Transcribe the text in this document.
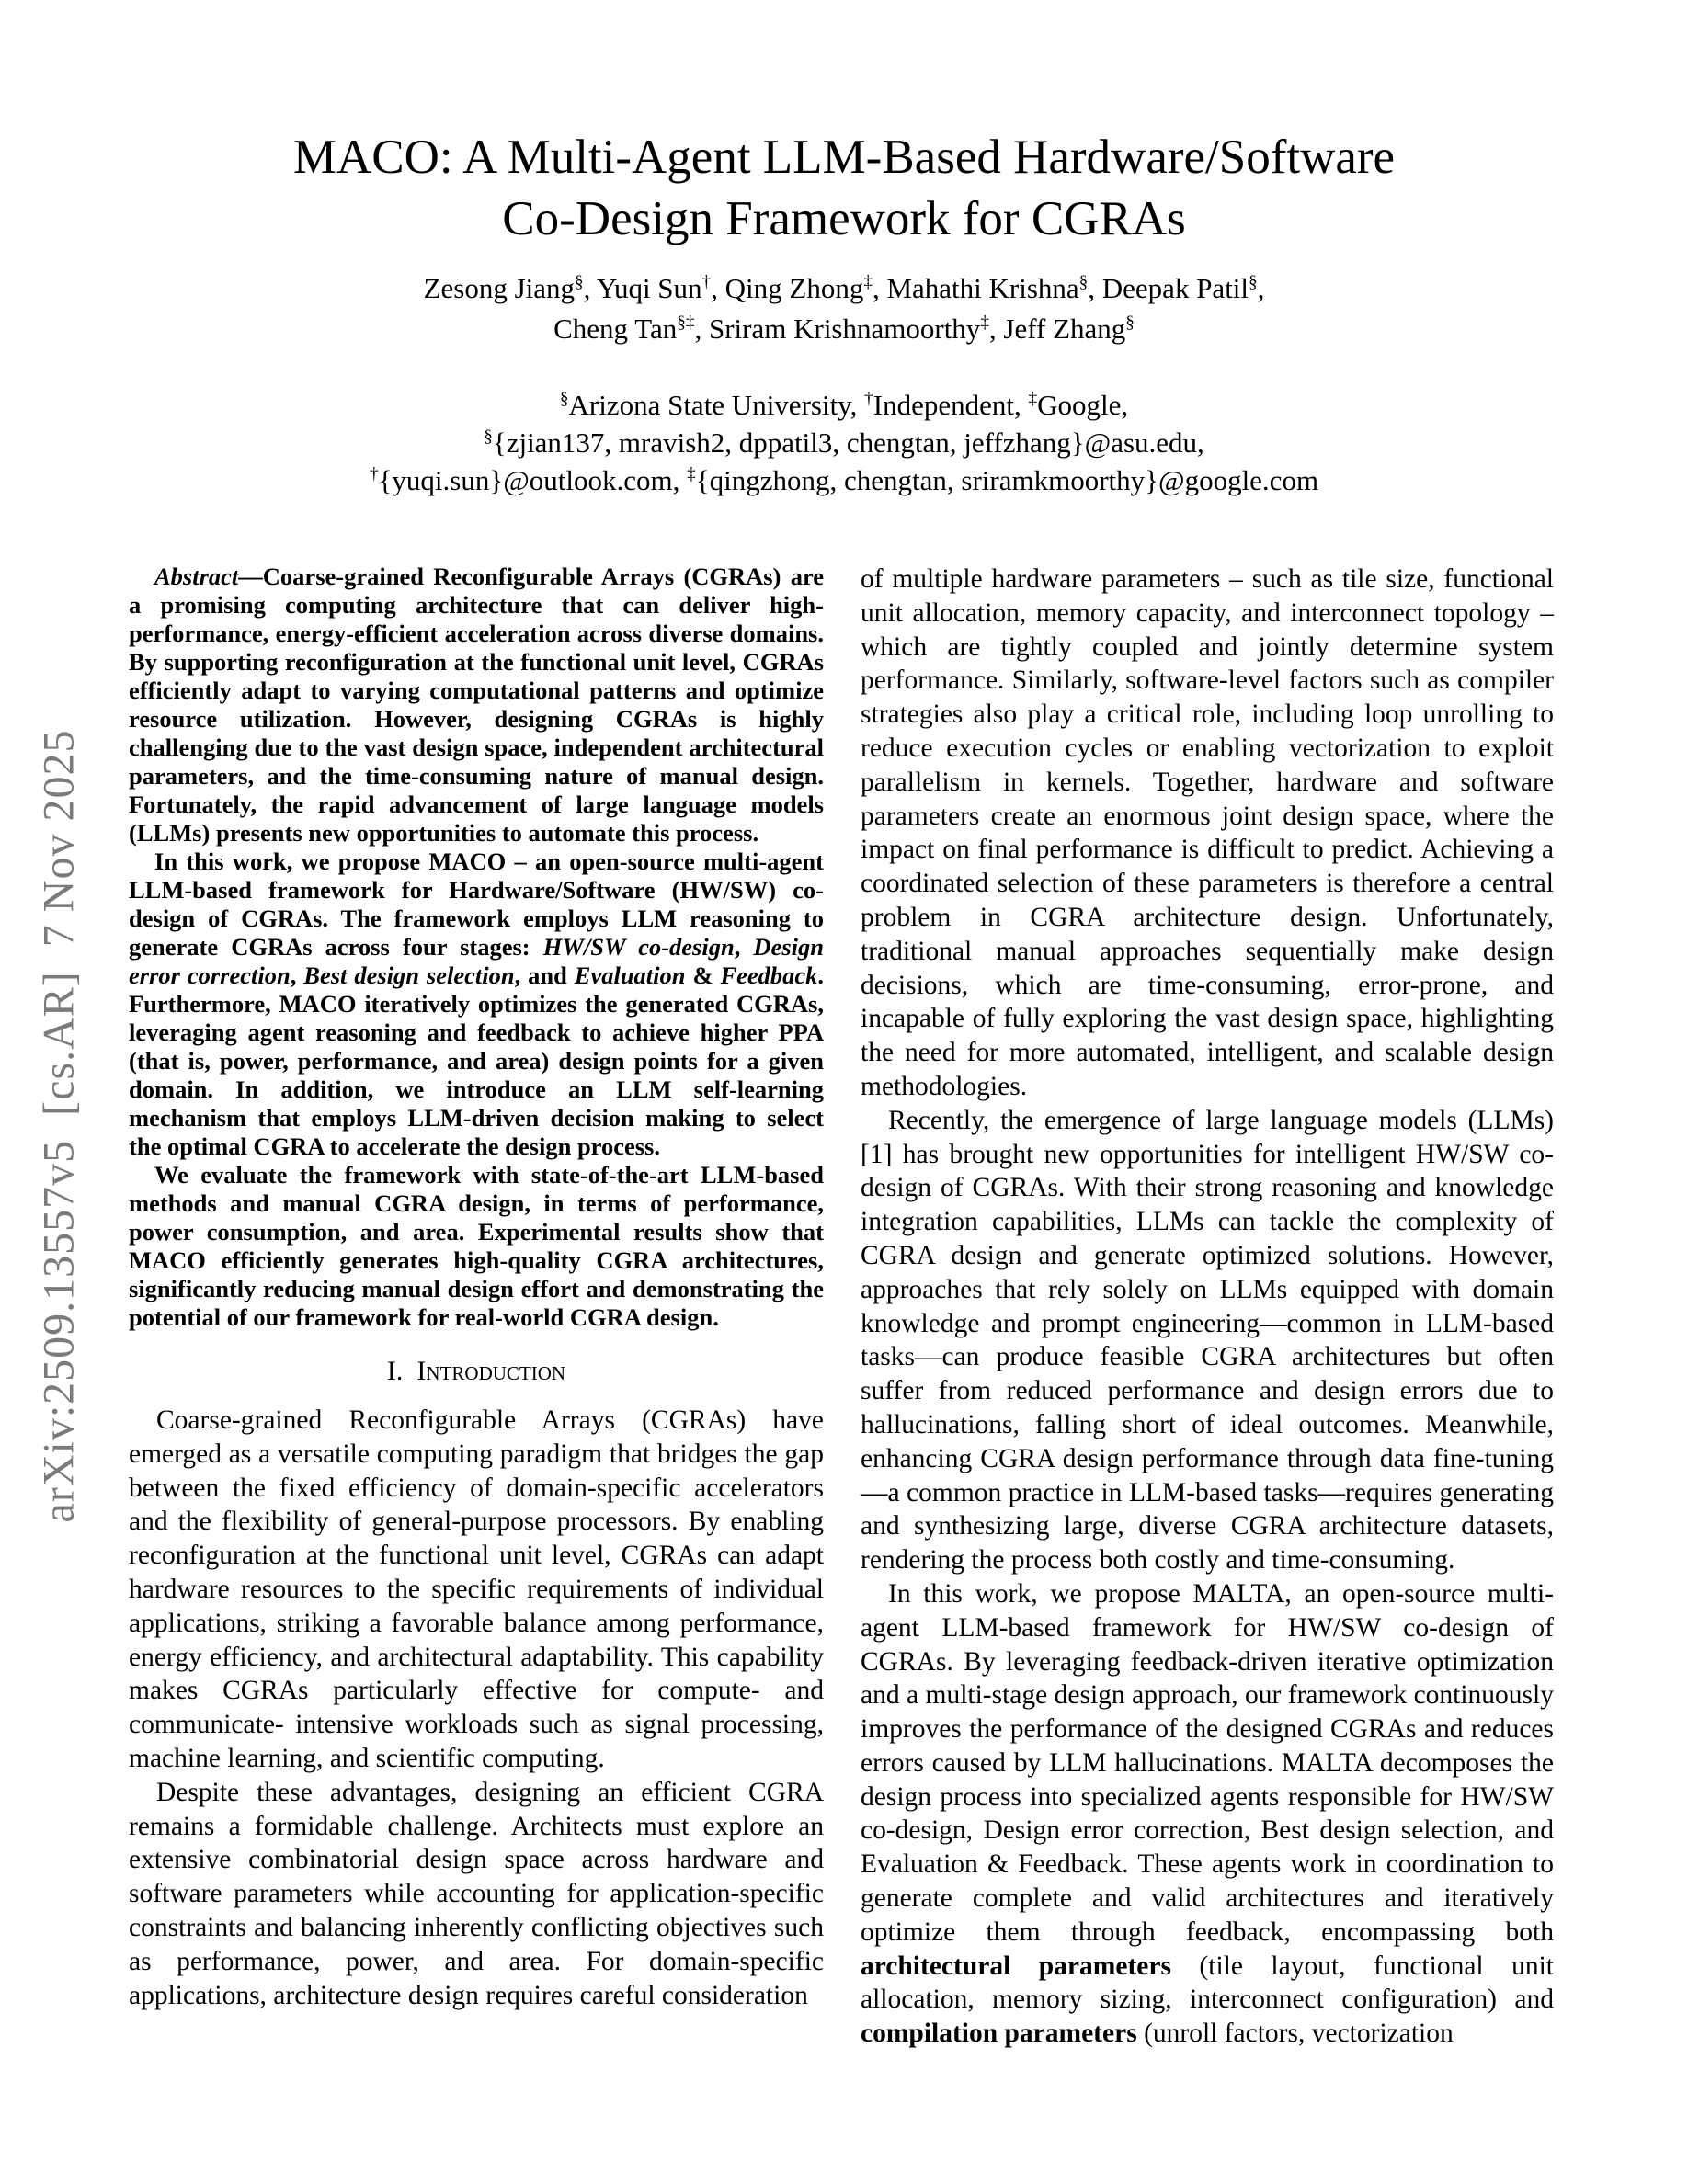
arXiv:2509.13557v5  [cs.AR]  7 Nov 2025
MACO: A Multi-Agent LLM-Based Hardware/Software
Co-Design Framework for CGRAs
Zesong Jiang§, Yuqi Sun†, Qing Zhong‡, Mahathi Krishna§, Deepak Patil§,
Cheng Tan§‡, Sriram Krishnamoorthy‡, Jeff Zhang§
§Arizona State University, †Independent, ‡Google,
§{zjian137, mravish2, dppatil3, chengtan, jeffzhang}@asu.edu,
†{yuqi.sun}@outlook.com, ‡{qingzhong, chengtan, sriramkmoorthy}@google.com

Abstract—Coarse-grained Reconfigurable Arrays (CGRAs) are a promising computing architecture that can deliver high-performance, energy-efficient acceleration across diverse domains. By supporting reconfiguration at the functional unit level, CGRAs efficiently adapt to varying computational patterns and optimize resource utilization. However, designing CGRAs is highly challenging due to the vast design space, independent architectural parameters, and the time-consuming nature of manual design. Fortunately, the rapid advancement of large language models (LLMs) presents new opportunities to automate this process.

In this work, we propose MACO – an open-source multi-agent LLM-based framework for Hardware/Software (HW/SW) co-design of CGRAs. The framework employs LLM reasoning to generate CGRAs across four stages: HW/SW co-design, Design error correction, Best design selection, and Evaluation & Feedback. Furthermore, MACO iteratively optimizes the generated CGRAs, leveraging agent reasoning and feedback to achieve higher PPA (that is, power, performance, and area) design points for a given domain. In addition, we introduce an LLM self-learning mechanism that employs LLM-driven decision making to select the optimal CGRA to accelerate the design process.

We evaluate the framework with state-of-the-art LLM-based methods and manual CGRA design, in terms of performance, power consumption, and area. Experimental results show that MACO efficiently generates high-quality CGRA architectures, significantly reducing manual design effort and demonstrating the potential of our framework for real-world CGRA design.

I.  Introduction

Coarse-grained Reconfigurable Arrays (CGRAs) have emerged as a versatile computing paradigm that bridges the gap between the fixed efficiency of domain-specific accelerators and the flexibility of general-purpose processors. By enabling reconfiguration at the functional unit level, CGRAs can adapt hardware resources to the specific requirements of individual applications, striking a favorable balance among performance, energy efficiency, and architectural adaptability. This capability makes CGRAs particularly effective for compute- and communicate- intensive workloads such as signal processing, machine learning, and scientific computing.

Despite these advantages, designing an efficient CGRA remains a formidable challenge. Architects must explore an extensive combinatorial design space across hardware and software parameters while accounting for application-specific constraints and balancing inherently conflicting objectives such as performance, power, and area. For domain-specific applications, architecture design requires careful consideration

of multiple hardware parameters – such as tile size, functional unit allocation, memory capacity, and interconnect topology – which are tightly coupled and jointly determine system performance. Similarly, software-level factors such as compiler strategies also play a critical role, including loop unrolling to reduce execution cycles or enabling vectorization to exploit parallelism in kernels. Together, hardware and software parameters create an enormous joint design space, where the impact on final performance is difficult to predict. Achieving a coordinated selection of these parameters is therefore a central problem in CGRA architecture design. Unfortunately, traditional manual approaches sequentially make design decisions, which are time-consuming, error-prone, and incapable of fully exploring the vast design space, highlighting the need for more automated, intelligent, and scalable design methodologies.

Recently, the emergence of large language models (LLMs) [1] has brought new opportunities for intelligent HW/SW co-design of CGRAs. With their strong reasoning and knowledge integration capabilities, LLMs can tackle the complexity of CGRA design and generate optimized solutions. However, approaches that rely solely on LLMs equipped with domain knowledge and prompt engineering—common in LLM-based tasks—can produce feasible CGRA architectures but often suffer from reduced performance and design errors due to hallucinations, falling short of ideal outcomes. Meanwhile, enhancing CGRA design performance through data fine-tuning—a common practice in LLM-based tasks—requires generating and synthesizing large, diverse CGRA architecture datasets, rendering the process both costly and time-consuming.

In this work, we propose MALTA, an open-source multi-agent LLM-based framework for HW/SW co-design of CGRAs. By leveraging feedback-driven iterative optimization and a multi-stage design approach, our framework continuously improves the performance of the designed CGRAs and reduces errors caused by LLM hallucinations. MALTA decomposes the design process into specialized agents responsible for HW/SW co-design, Design error correction, Best design selection, and Evaluation & Feedback. These agents work in coordination to generate complete and valid architectures and iteratively optimize them through feedback, encompassing both architectural parameters (tile layout, functional unit allocation, memory sizing, interconnect configuration) and compilation parameters (unroll factors, vectorization
